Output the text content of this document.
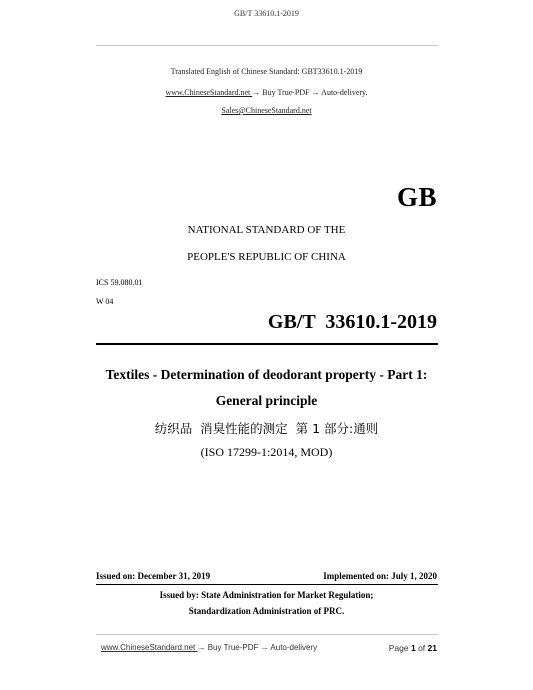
GB/T 33610.1-2019
Translated English of Chinese Standard: GBT33610.1-2019
www.ChineseStandard.net → Buy True-PDF → Auto-delivery.
Sales@ChineseStandard.net
GB
NATIONAL STANDARD OF THE
PEOPLE'S REPUBLIC OF CHINA
ICS 59.080.01
W 04
GB/T  33610.1-2019
Textiles - Determination of deodorant property - Part 1:
General principle
纺织品  消臭性能的测定  第 1 部分:通则
(ISO 17299-1:2014, MOD)
Issued on: December 31, 2019	Implemented on: July 1, 2020
Issued by: State Administration for Market Regulation;
Standardization Administration of PRC.
www.ChineseStandard.net → Buy True-PDF → Auto-delivery	Page 1 of 21
